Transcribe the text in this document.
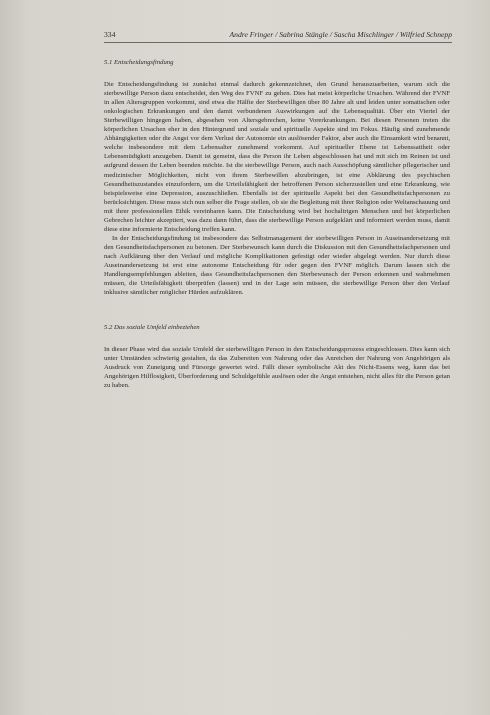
334	Andre Fringer / Sabrina Stängle / Sascha Mischlinger / Wilfried Schnepp
5.1 Entscheidungsfindung

Die Entscheidungsfindung ist zunächst einmal dadurch gekennzeichnet, den Grund herauszuarbeiten, warum sich die sterbewillige Person dazu entscheidet, den Weg des FVNF zu gehen. Dies hat meist körperliche Ursachen. Während der FVNF in allen Altersgruppen vorkommt, sind etwa die Hälfte der Sterbewilligen über 80 Jahre alt und leiden unter somatischen oder onkologischen Erkrankungen und den damit verbundenen Auswirkungen auf die Lebensqualität. Über ein Viertel der Sterbewilligen hingegen haben, abgesehen von Altersgebrechen, keine Vorerkrankungen. Bei diesen Personen treten die körperlichen Ursachen eher in den Hintergrund und soziale und spirituelle Aspekte sind im Fokus. Häufig sind zunehmende Abhängigkeiten oder die Angst vor dem Verlust der Autonomie ein auslösender Faktor, aber auch die Einsamkeit wird benannt, welche insbesondere mit dem Lebensalter zunehmend vorkommt. Auf spiritueller Ebene ist Lebenssattheit oder Lebensmüdigkeit anzugeben. Damit ist gemeint, dass die Person ihr Leben abgeschlossen hat und mit sich im Reinen ist und aufgrund dessen ihr Leben beenden möchte. Ist die sterbewillige Person, auch nach Ausschöpfung sämtlicher pflegerischer und medizinischer Möglichkeiten, nicht von ihrem Sterbewillen abzubringen, ist eine Abklärung des psychischen Gesundheitszustandes einzufordern, um die Urteilsfähigkeit der betroffenen Person sicherzustellen und eine Erkrankung, wie beispielsweise eine Depression, auszuschließen. Ebenfalls ist der spirituelle Aspekt bei den Gesundheitsfachpersonen zu berücksichtigen. Diese muss sich nun selber die Frage stellen, ob sie die Begleitung mit ihrer Religion oder Weltanschauung und mit ihrer professionellen Ethik vereinbaren kann. Die Entscheidung wird bei hochaltrigen Menschen und bei körperlichen Gebrechen leichter akzeptiert, was dazu dann führt, dass die sterbewillige Person aufgeklärt und informiert werden muss, damit diese eine informierte Entscheidung treffen kann.

In der Entscheidungsfindung ist insbesondere das Selbstmanagement der sterbewilligen Person in Auseinandersetzung mit den Gesundheitsfachpersonen zu betonen. Der Sterbewunsch kann durch die Diskussion mit den Gesundheitsfachpersonen und nach Aufklärung über den Verlauf und mögliche Komplikationen gefestigt oder wieder abgelegt werden. Nur durch diese Auseinandersetzung ist erst eine autonome Entscheidung für oder gegen den FVNF möglich. Darum lassen sich die Handlungsempfehlungen ableiten, dass Gesundheitsfachpersonen den Sterbewunsch der Person erkennen und wahrnehmen müssen, die Urteilsfähigkeit überprüfen (lassen) und in der Lage sein müssen, die sterbewillige Person über den Verlauf inklusive sämtlicher möglicher Hürden aufzuklären.

5.2 Das soziale Umfeld einbeziehen

In dieser Phase wird das soziale Umfeld der sterbewilligen Person in den Entscheidungsprozess eingeschlossen. Dies kann sich unter Umständen schwierig gestalten, da das Zubereiten von Nahrung oder das Anreichen der Nahrung von Angehörigen als Ausdruck von Zuneigung und Fürsorge gewertet wird. Fällt dieser symbolische Akt des Nicht-Essens weg, kann das bei Angehörigen Hilflosigkeit, Überforderung und Schuldgefühle auslösen oder die Angst entstehen, nicht alles für die Person getan zu haben.
